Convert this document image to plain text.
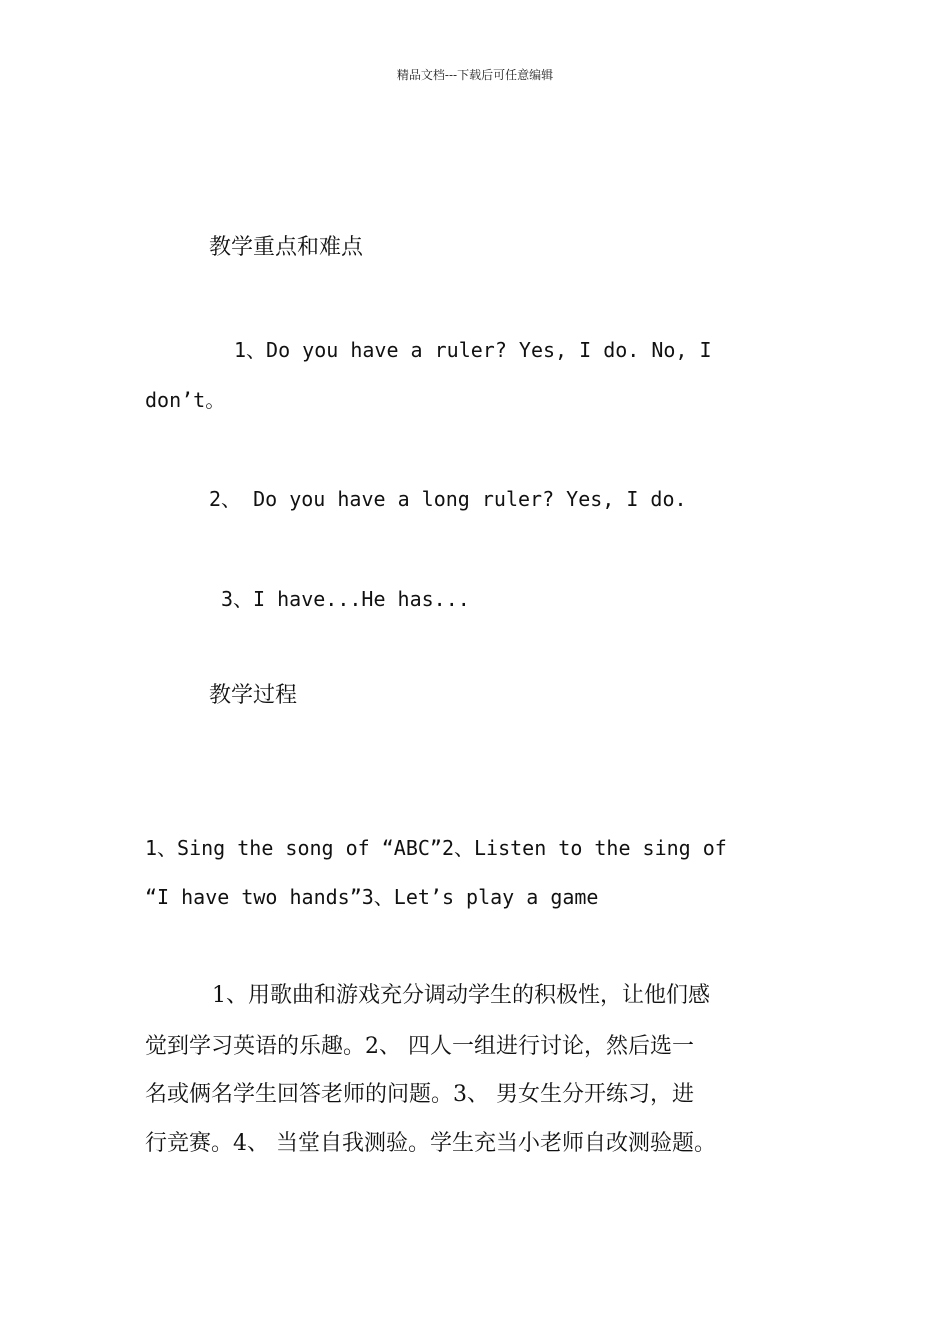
精品文档---下载后可任意编辑
教学重点和难点
1、Do you have a ruler? Yes, I do. No, I
don’t。
2、 Do you have a long ruler? Yes, I do.
3、I have...He has...
教学过程
1、Sing the song of “ABC”2、Listen to the sing of
“I have two hands”3、Let’s play a game
1、用歌曲和游戏充分调动学生的积极性，让他们感
觉到学习英语的乐趣。2、 四人一组进行讨论，然后选一
名或俩名学生回答老师的问题。3、 男女生分开练习，进
行竞赛。4、 当堂自我测验。学生充当小老师自改测验题。
